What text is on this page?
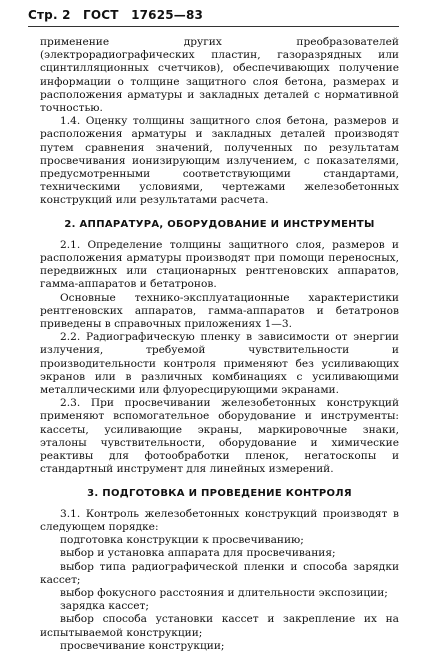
Стр. 2 ГОСТ 17625—83

применение других преобразователей (электрорадиографических пластин, газоразрядных или сцинтилляционных счетчиков), обеспечивающих получение информации о толщине защитного слоя бетона, размерах и расположения арматуры и закладных деталей с нормативной точностью.

1.4. Оценку толщины защитного слоя бетона, размеров и расположения арматуры и закладных деталей производят путем сравнения значений, полученных по результатам просвечивания ионизирующим излучением, с показателями, предусмотренными соответствующими стандартами, техническими условиями, чертежами железобетонных конструкций или результатами расчета.

2. АППАРАТУРА, ОБОРУДОВАНИЕ И ИНСТРУМЕНТЫ

2.1. Определение толщины защитного слоя, размеров и расположения арматуры производят при помощи переносных, передвижных или стационарных рентгеновских аппаратов, гамма-аппаратов и бетатронов.

Основные технико-эксплуатационные характеристики рентгеновских аппаратов, гамма-аппаратов и бетатронов приведены в справочных приложениях 1—3.

2.2. Радиографическую пленку в зависимости от энергии излучения, требуемой чувствительности и производительности контроля применяют без усиливающих экранов или в различных комбинациях с усиливающими металлическими или флуоресцирующими экранами.

2.3. При просвечивании железобетонных конструкций применяют вспомогательное оборудование и инструменты: кассеты, усиливающие экраны, маркировочные знаки, эталоны чувствительности, оборудование и химические реактивы для фотообработки пленок, негатоскопы и стандартный инструмент для линейных измерений.

3. ПОДГОТОВКА И ПРОВЕДЕНИЕ КОНТРОЛЯ

3.1. Контроль железобетонных конструкций производят в следующем порядке:

подготовка конструкции к просвечиванию;

выбор и установка аппарата для просвечивания;

выбор типа радиографической пленки и способа зарядки кассет;

выбор фокусного расстояния и длительности экспозиции;

зарядка кассет;

выбор способа установки кассет и закрепление их на испытываемой конструкции;

просвечивание конструкции;
